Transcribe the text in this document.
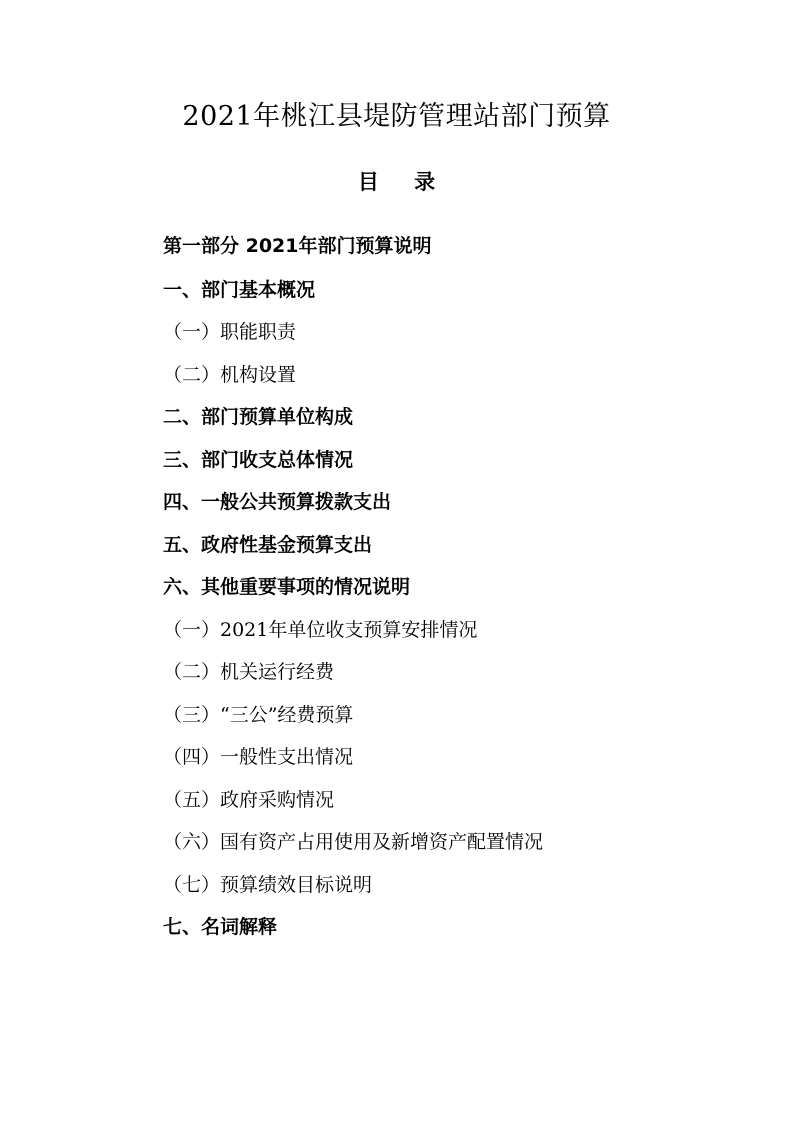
2021年桃江县堤防管理站部门预算
目 录
第一部分 2021年部门预算说明
一、部门基本概况
（一）职能职责
（二）机构设置
二、部门预算单位构成
三、部门收支总体情况
四、一般公共预算拨款支出
五、政府性基金预算支出
六、其他重要事项的情况说明
（一）2021年单位收支预算安排情况
（二）机关运行经费
（三）“三公”经费预算
（四）一般性支出情况
（五）政府采购情况
（六）国有资产占用使用及新增资产配置情况
（七）预算绩效目标说明
七、名词解释
